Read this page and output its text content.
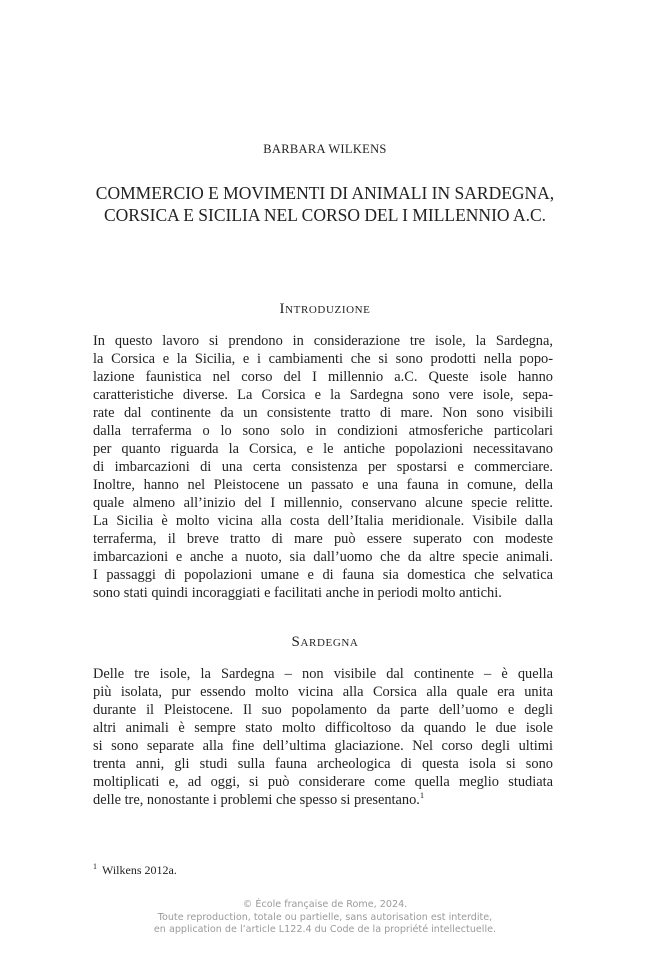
BARBARA WILKENS
COMMERCIO E MOVIMENTI DI ANIMALI IN SARDEGNA,
CORSICA E SICILIA NEL CORSO DEL I MILLENNIO A.C.
Introduzione
In questo lavoro si prendono in considerazione tre isole, la Sardegna,
la Corsica e la Sicilia, e i cambiamenti che si sono prodotti nella popo-
lazione faunistica nel corso del I millennio a.C. Queste isole hanno
caratteristiche diverse. La Corsica e la Sardegna sono vere isole, sepa-
rate dal continente da un consistente tratto di mare. Non sono visibili
dalla terraferma o lo sono solo in condizioni atmosferiche particolari
per quanto riguarda la Corsica, e le antiche popolazioni necessitavano
di imbarcazioni di una certa consistenza per spostarsi e commerciare.
Inoltre, hanno nel Pleistocene un passato e una fauna in comune, della
quale almeno all’inizio del I millennio, conservano alcune specie relitte.
La Sicilia è molto vicina alla costa dell’Italia meridionale. Visibile dalla
terraferma, il breve tratto di mare può essere superato con modeste
imbarcazioni e anche a nuoto, sia dall’uomo che da altre specie animali.
I passaggi di popolazioni umane e di fauna sia domestica che selvatica
sono stati quindi incoraggiati e facilitati anche in periodi molto antichi.
Sardegna
Delle tre isole, la Sardegna – non visibile dal continente – è quella
più isolata, pur essendo molto vicina alla Corsica alla quale era unita
durante il Pleistocene. Il suo popolamento da parte dell’uomo e degli
altri animali è sempre stato molto difficoltoso da quando le due isole
si sono separate alla fine dell’ultima glaciazione. Nel corso degli ultimi
trenta anni, gli studi sulla fauna archeologica di questa isola si sono
moltiplicati e, ad oggi, si può considerare come quella meglio studiata
delle tre, nonostante i problemi che spesso si presentano.$^1$
$^1$ Wilkens 2012a.
© École française de Rome, 2024.
Toute reproduction, totale ou partielle, sans autorisation est interdite,
en application de l’article L122.4 du Code de la propriété intellectuelle.
